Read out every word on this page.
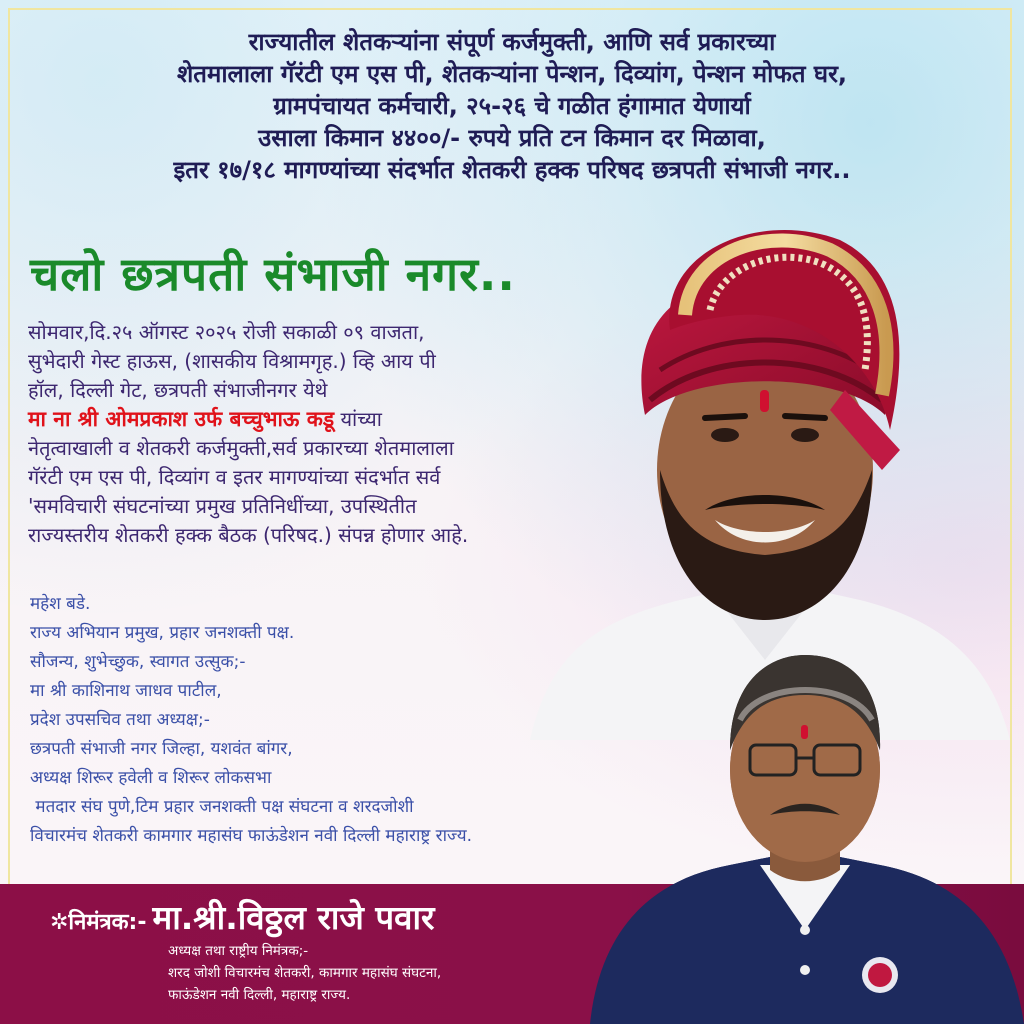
राज्यातील शेतकऱ्यांना संपूर्ण कर्जमुक्ती, आणि सर्व प्रकारच्या
शेतमालाला गॅरंटी एम एस पी, शेतकऱ्यांना पेन्शन, दिव्यांग, पेन्शन मोफत घर,
ग्रामपंचायत कर्मचारी, २५-२६ चे गळीत हंगामात येणार्या
उसाला किमान ४४००/- रुपये प्रति टन किमान दर मिळावा,
इतर १७/१८ मागण्यांच्या संदर्भात शेतकरी हक्क परिषद छत्रपती संभाजी नगर..
चलो छत्रपती संभाजी नगर..
सोमवार,दि.२५ ऑगस्ट २०२५ रोजी सकाळी ०९ वाजता,
सुभेदारी गेस्ट हाऊस, (शासकीय विश्रामगृह.) व्हि आय पी
हॉल, दिल्ली गेट, छत्रपती संभाजीनगर येथे
मा ना श्री ओमप्रकाश उर्फ बच्चुभाऊ कडू यांच्या
नेतृत्वाखाली व शेतकरी कर्जमुक्ती,सर्व प्रकारच्या शेतमालाला
गॅरंटी एम एस पी, दिव्यांग व इतर मागण्यांच्या संदर्भात सर्व
'समविचारी संघटनांच्या प्रमुख प्रतिनिधींच्या, उपस्थितीत
राज्यस्तरीय शेतकरी हक्क बैठक (परिषद.) संपन्न होणार आहे.
महेश बडे.
राज्य अभियान प्रमुख, प्रहार जनशक्ती पक्ष.
सौजन्य, शुभेच्छुक, स्वागत उत्सुक;-
मा श्री काशिनाथ जाधव पाटील,
प्रदेश उपसचिव तथा अध्यक्ष;-
छत्रपती संभाजी नगर जिल्हा, यशवंत बांगर,
अध्यक्ष शिरूर हवेली व शिरूर लोकसभा
मतदार संघ पुणे,टिम प्रहार जनशक्ती पक्ष संघटना व शरदजोशी
विचारमंच शेतकरी कामगार महासंघ फाऊंडेशन नवी दिल्ली महाराष्ट्र राज्य.
✲निमंत्रक:- मा.श्री.विठ्ठल राजे पवार
अध्यक्ष तथा राष्ट्रीय निमंत्रक;-
शरद जोशी विचारमंच शेतकरी, कामगार महासंघ संघटना,
फाऊंडेशन नवी दिल्ली, महाराष्ट्र राज्य.
